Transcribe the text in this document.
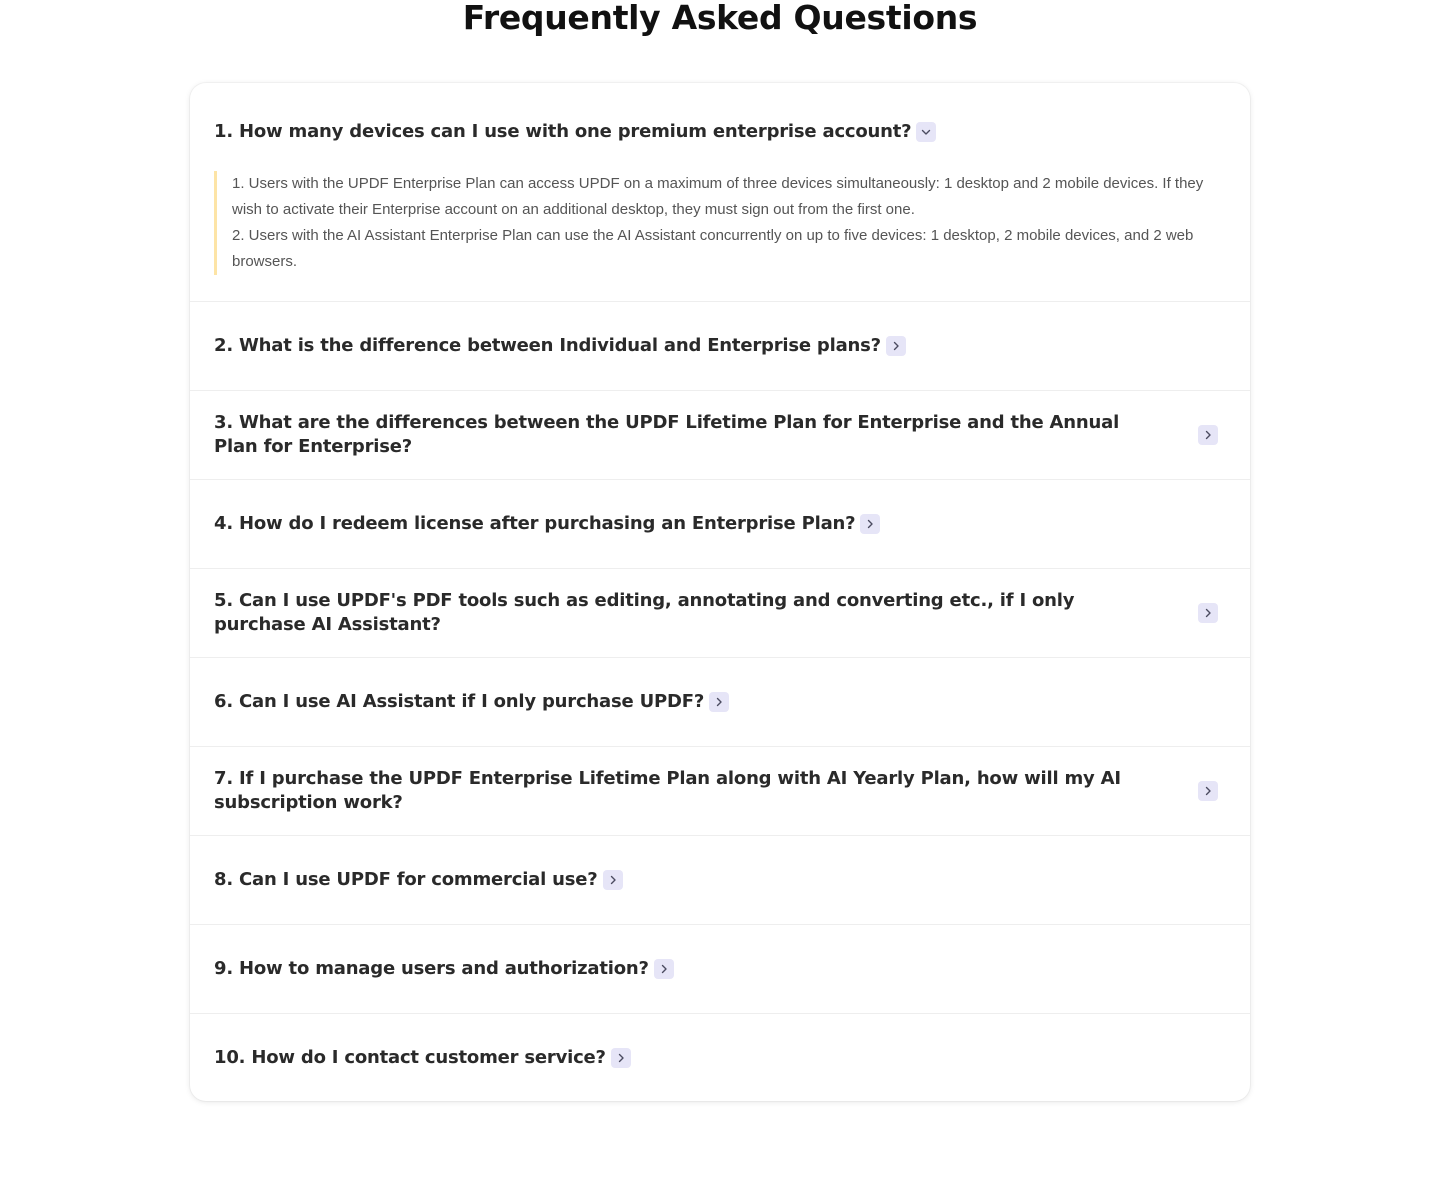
Frequently Asked Questions
1. How many devices can I use with one premium enterprise account?

1. Users with the UPDF Enterprise Plan can access UPDF on a maximum of three devices simultaneously: 1 desktop and 2 mobile devices. If they wish to activate their Enterprise account on an additional desktop, they must sign out from the first one.

2. Users with the AI Assistant Enterprise Plan can use the AI Assistant concurrently on up to five devices: 1 desktop, 2 mobile devices, and 2 web browsers.

2. What is the difference between Individual and Enterprise plans?
3. What are the differences between the UPDF Lifetime Plan for Enterprise and the Annual Plan for Enterprise?
4. How do I redeem license after purchasing an Enterprise Plan?
5. Can I use UPDF's PDF tools such as editing, annotating and converting etc., if I only purchase AI Assistant?
6. Can I use AI Assistant if I only purchase UPDF?
7. If I purchase the UPDF Enterprise Lifetime Plan along with AI Yearly Plan, how will my AI subscription work?
8. Can I use UPDF for commercial use?
9. How to manage users and authorization?
10. How do I contact customer service?
